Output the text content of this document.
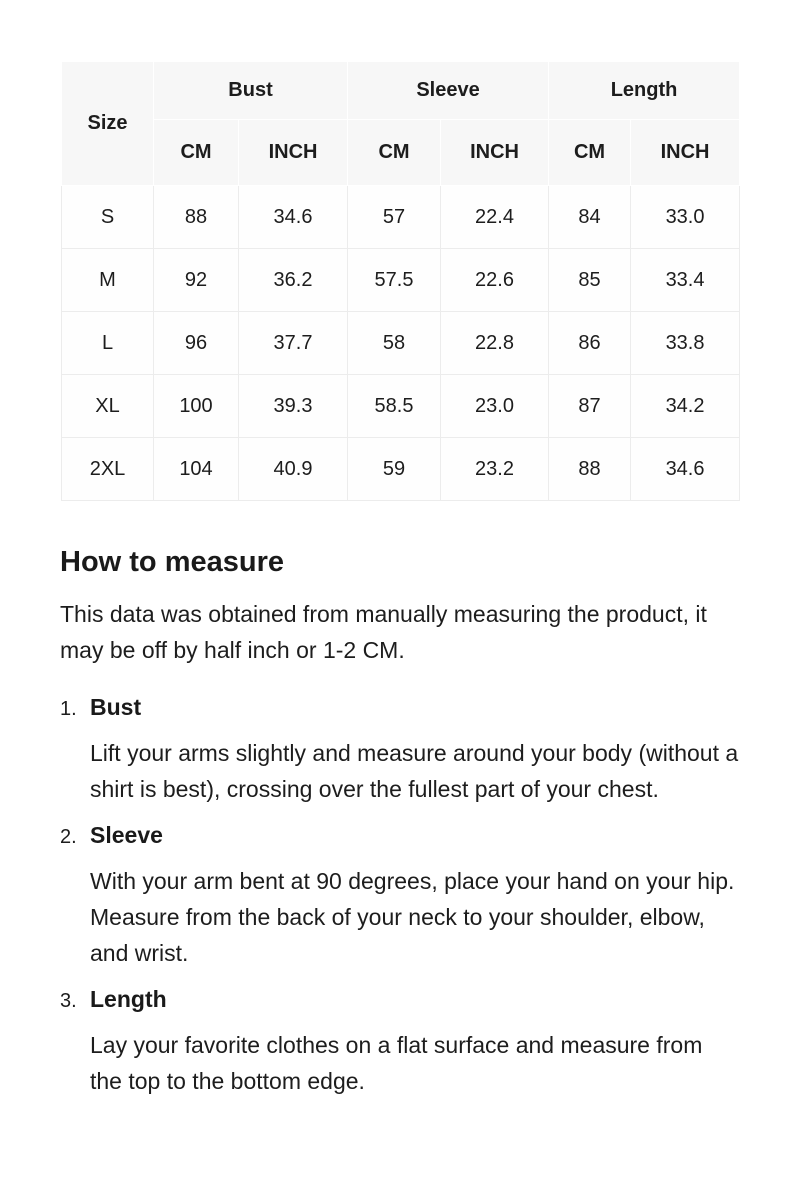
Size	Bust		Sleeve		Length	
	CM	INCH	CM	INCH	CM	INCH
S	88	34.6	57	22.4	84	33.0
M	92	36.2	57.5	22.6	85	33.4
L	96	37.7	58	22.8	86	33.8
XL	100	39.3	58.5	23.0	87	34.2
2XL	104	40.9	59	23.2	88	34.6
How to measure

This data was obtained from manually measuring the product, it may be off by half inch or 1-2 CM.

1. Bust
Lift your arms slightly and measure around your body (without a shirt is best), crossing over the fullest part of your chest.
2. Sleeve
With your arm bent at 90 degrees, place your hand on your hip. Measure from the back of your neck to your shoulder, elbow, and wrist.
3. Length
Lay your favorite clothes on a flat surface and measure from the top to the bottom edge.
